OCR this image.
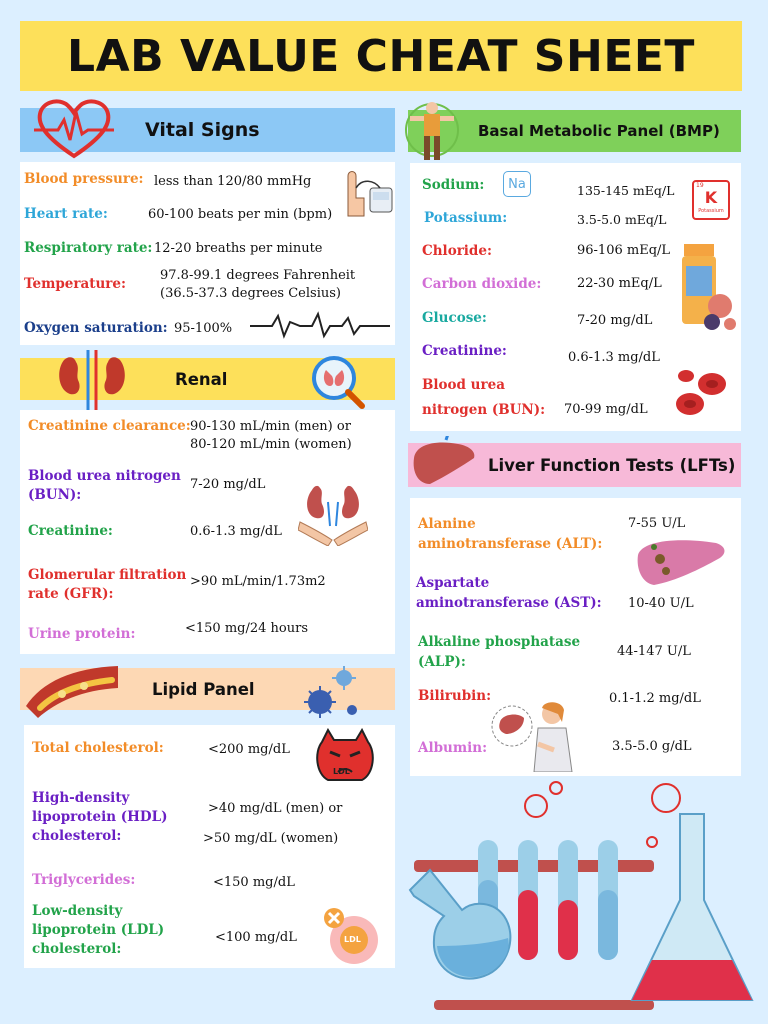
LAB VALUE CHEAT SHEET
Vital Signs
Blood pressure: less than 120/80 mmHg
Heart rate:	60-100 beats per min (bpm)
Respiratory rate: 12-20 breaths per minute
Temperature:
97.8-99.1 degrees Fahrenheit
(36.5-37.3 degrees Celsius)
Oxygen saturation: 95-100%
Renal
Creatinine clearance: 90-130 mL/min (men) or
80-120 mL/min (women)
Blood urea nitrogen
(BUN):
7-20 mg/dL
Creatinine:	0.6-1.3 mg/dL
Glomerular filtration
rate (GFR):
>90 mL/min/1.73m2
Urine protein:	<150 mg/24 hours
Lipid Panel
Total cholesterol:	<200 mg/dL
High-density
lipoprotein (HDL)
cholesterol:
>40 mg/dL (men) or
>50 mg/dL (women)
Triglycerides:	<150 mg/dL
Low-density
lipoprotein (LDL)
cholesterol:
<100 mg/dL
LDL
LDL
Basal Metabolic Panel (BMP)
Sodium:	135-145 mEq/L
Potassium:	3.5-5.0 mEq/L
Chloride:	96-106 mEq/L
Carbon dioxide:	22-30 mEq/L
Glucose:	7-20 mg/dL
Creatinine:	0.6-1.3 mg/dL
Blood urea
nitrogen (BUN): 70-99 mg/dL
Na	19
K
Potassium
Liver Function Tests (LFTs)
Alanine
aminotransferase (ALT):
7-55 U/L
Aspartate
aminotransferase (AST): 10-40 U/L
Alkaline phosphatase
(ALP):
44-147 U/L
Bilirubin:	0.1-1.2 mg/dL
Albumin:	3.5-5.0 g/dL
